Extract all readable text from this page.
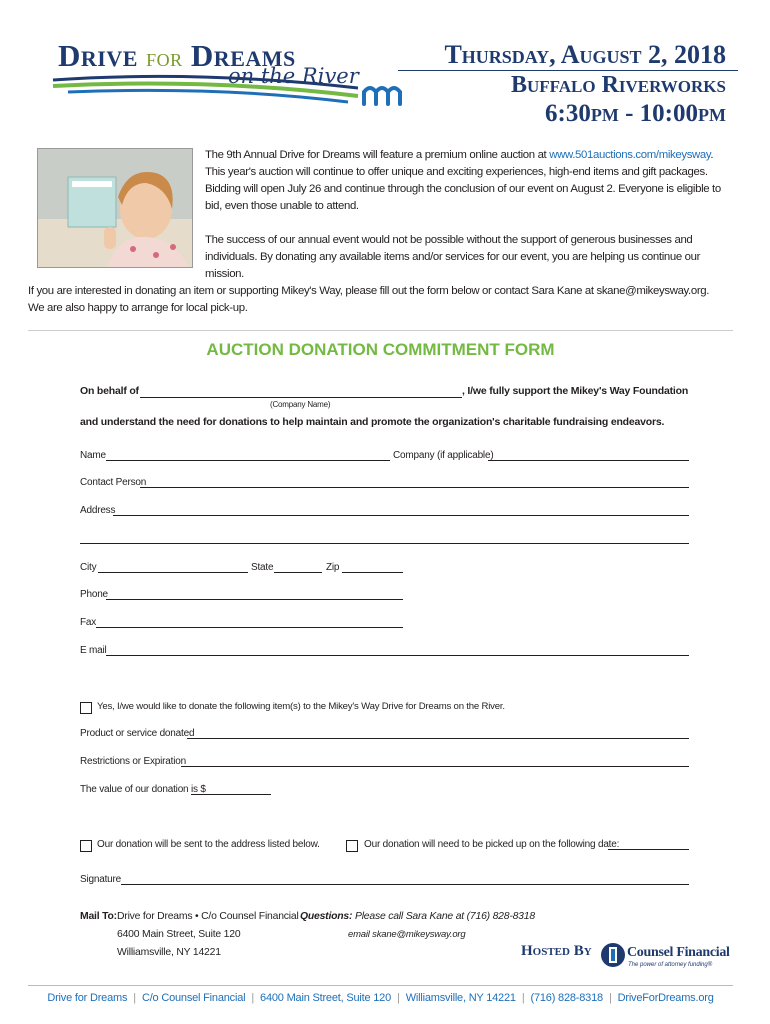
Drive for Dreams
on the River
Thursday, August 2, 2018
Buffalo Riverworks
6:30pm - 10:00pm
The 9th Annual Drive for Dreams will feature a premium online auction at www.501auctions.com/mikeysway. This year's auction will continue to offer unique and exciting experiences, high-end items and gift packages. Bidding will open July 26 and continue through the conclusion of our event on August 2. Everyone is eligible to bid, even those unable to attend.
The success of our annual event would not be possible without the support of generous businesses and individuals. By donating any available items and/or services for our event, you are helping us continue our mission.
If you are interested in donating an item or supporting Mikey's Way, please fill out the form below or contact Sara Kane at skane@mikeysway.org. We are also happy to arrange for local pick-up.
AUCTION DONATION COMMITMENT FORM
On behalf of	, I/we fully support the Mikey's Way Foundation
(Company Name)
and understand the need for donations to help maintain and promote the organization's charitable fundraising endeavors.
Name	Company (if applicable)
Contact Person
Address
City	State	Zip
Phone
Fax
E mail
Yes, I/we would like to donate the following item(s) to the Mikey's Way Drive for Dreams on the River.
Product or service donated
Restrictions or Expiration
The value of our donation is $
Our donation will be sent to the address listed below.	Our donation will need to be picked up on the following date:
Signature
Mail To: Drive for Dreams • C/o Counsel Financial
6400 Main Street, Suite 120
Williamsville, NY 14221
Questions: Please call Sara Kane at (716) 828-8318
email skane@mikeysway.org
Hosted By	Counsel Financial
The power of attorney funding®
Drive for Dreams | C/o Counsel Financial | 6400 Main Street, Suite 120 | Williamsville, NY 14221 | (716) 828-8318 | DriveForDreams.org
